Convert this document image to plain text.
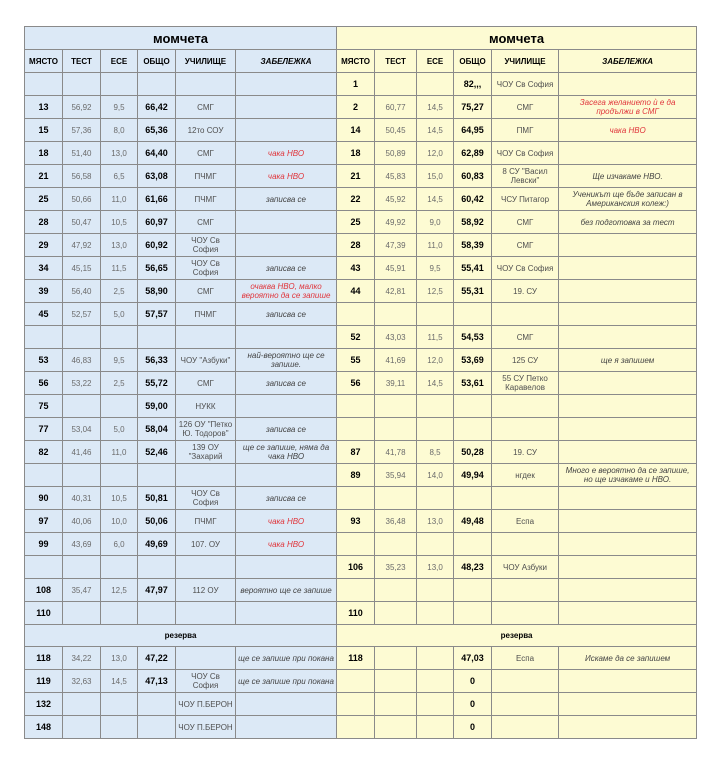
момчета						момчета					
МЯСТО	ТЕСТ	ЕСЕ	ОБЩО	УЧИЛИЩЕ	ЗАБЕЛЕЖКА	МЯСТО	ТЕСТ	ЕСЕ	ОБЩО	УЧИЛИЩЕ	ЗАБЕЛЕЖКА
						1			82,,,	ЧОУ Св София	
13	56,92	9,5	66,42	СМГ		2	60,77	14,5	75,27	СМГ	Засега желанието ѝ е да продължи в СМГ
15	57,36	8,0	65,36	12то СОУ		14	50,45	14,5	64,95	ПМГ	чака НВО
18	51,40	13,0	64,40	СМГ	чака НВО	18	50,89	12,0	62,89	ЧОУ Св София	
21	56,58	6,5	63,08	ПЧМГ	чака НВО	21	45,83	15,0	60,83	8 СУ "Васил Левски"	Ще изчакаме НВО.
25	50,66	11,0	61,66	ПЧМГ	записва се	22	45,92	14,5	60,42	ЧСУ Питагор	Ученикът ще бъде записан в Американския колеж:)
28	50,47	10,5	60,97	СМГ		25	49,92	9,0	58,92	СМГ	без подготовка за тест
29	47,92	13,0	60,92	ЧОУ Св София		28	47,39	11,0	58,39	СМГ	
34	45,15	11,5	56,65	ЧОУ Св София	записва се	43	45,91	9,5	55,41	ЧОУ Св София	
39	56,40	2,5	58,90	СМГ	очаква НВО, малко вероятно да се запише	44	42,81	12,5	55,31	19. СУ	
45	52,57	5,0	57,57	ПЧМГ	записва се						
						52	43,03	11,5	54,53	СМГ	
53	46,83	9,5	56,33	ЧОУ "Азбуки"	най-вероятно ще се запише.	55	41,69	12,0	53,69	125 СУ	ще я запишем
56	53,22	2,5	55,72	СМГ	записва се	56	39,11	14,5	53,61	55 СУ Петко Каравелов	
75			59,00	НУКК							
77	53,04	5,0	58,04	126 ОУ "Петко Ю. Тодоров"	записва се						
82	41,46	11,0	52,46	139 ОУ "Захарий	ще се запише, няма да чака НВО	87	41,78	8,5	50,28	19. СУ	
						89	35,94	14,0	49,94	нгдек	Много е вероятно да се запише, но ще изчакаме и НВО.
90	40,31	10,5	50,81	ЧОУ Св София	записва се						
97	40,06	10,0	50,06	ПЧМГ	чака НВО	93	36,48	13,0	49,48	Еспа	
99	43,69	6,0	49,69	107. ОУ	чака НВО						
						106	35,23	13,0	48,23	ЧОУ Азбуки	
108	35,47	12,5	47,97	112 ОУ	вероятно ще се запише						
110						110					
резерва						резерва					
118	34,22	13,0	47,22		ще се запише при покана	118			47,03	Еспа	Искаме да се запишем
119	32,63	14,5	47,13	ЧОУ Св София	ще се запише при покана				0		
132				ЧОУ П.БЕРОН					0		
148				ЧОУ П.БЕРОН					0		
